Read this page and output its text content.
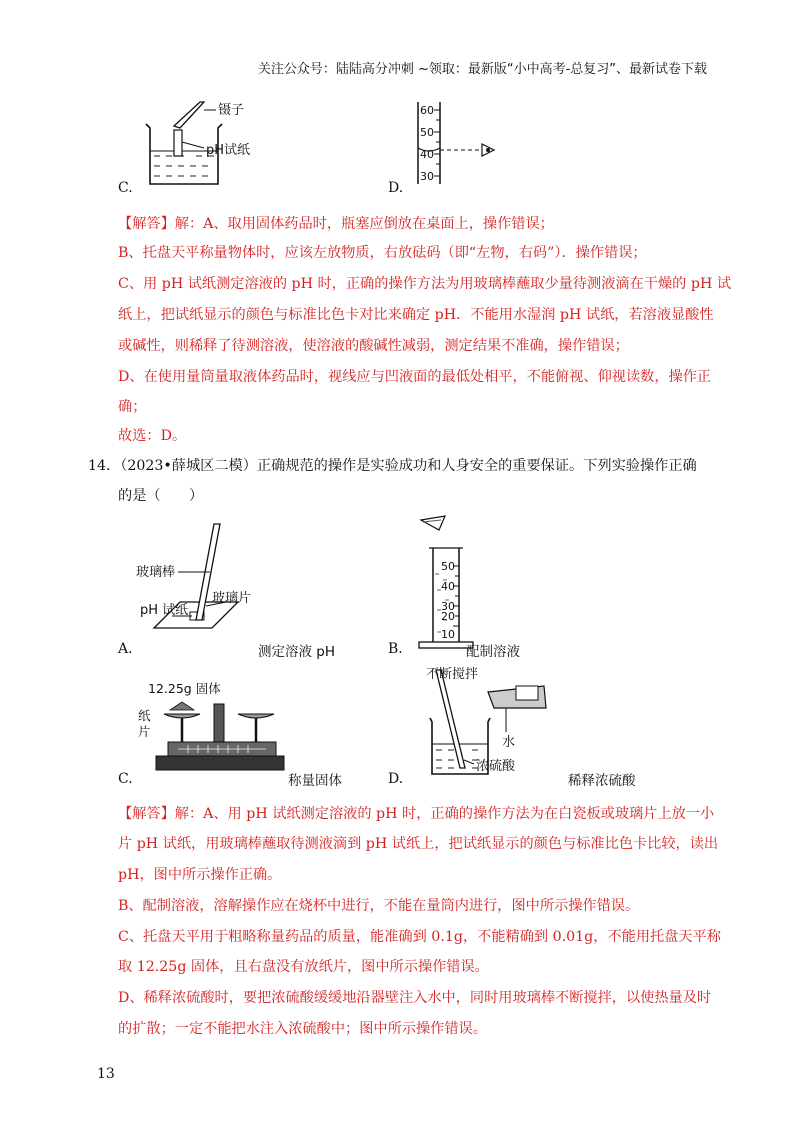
关注公众号：陆陆高分冲刺 ~领取：最新版“小中高考-总复习”、最新试卷下载
镊子
pH试纸
C.
60
50
40
30
D.
【解答】解：A、取用固体药品时，瓶塞应倒放在桌面上，操作错误；
B、托盘天平称量物体时，应该左放物质，右放砝码（即“左物，右码”）．操作错误；
C、用 pH 试纸测定溶液的 pH 时，正确的操作方法为用玻璃棒蘸取少量待测液滴在干燥的 pH 试
纸上，把试纸显示的颜色与标准比色卡对比来确定 pH．不能用水湿润 pH 试纸，若溶液显酸性
或碱性，则稀释了待测溶液，使溶液的酸碱性减弱，测定结果不准确，操作错误；
D、在使用量筒量取液体药品时，视线应与凹液面的最低处相平，不能俯视、仰视读数，操作正
确；
故选：D。
14．（2023•薛城区二模）正确规范的操作是实验成功和人身安全的重要保证。下列实验操作正确
的是（　　）
玻璃棒
pH 试纸
玻璃片
A.	测定溶液 pH
50
40
30
20
10
B.	配制溶液
12.25g 固体
纸
片
C.	称量固体
不断搅拌
水
浓硫酸
D.	稀释浓硫酸
【解答】解：A、用 pH 试纸测定溶液的 pH 时，正确的操作方法为在白瓷板或玻璃片上放一小
片 pH 试纸，用玻璃棒蘸取待测液滴到 pH 试纸上，把试纸显示的颜色与标准比色卡比较，读出
pH，图中所示操作正确。
B、配制溶液，溶解操作应在烧杯中进行，不能在量筒内进行，图中所示操作错误。
C、托盘天平用于粗略称量药品的质量，能准确到 0.1g，不能精确到 0.01g，不能用托盘天平称
取 12.25g 固体，且右盘没有放纸片，图中所示操作错误。
D、稀释浓硫酸时，要把浓硫酸缓缓地沿器壁注入水中，同时用玻璃棒不断搅拌，以使热量及时
的扩散；一定不能把水注入浓硫酸中；图中所示操作错误。
13
